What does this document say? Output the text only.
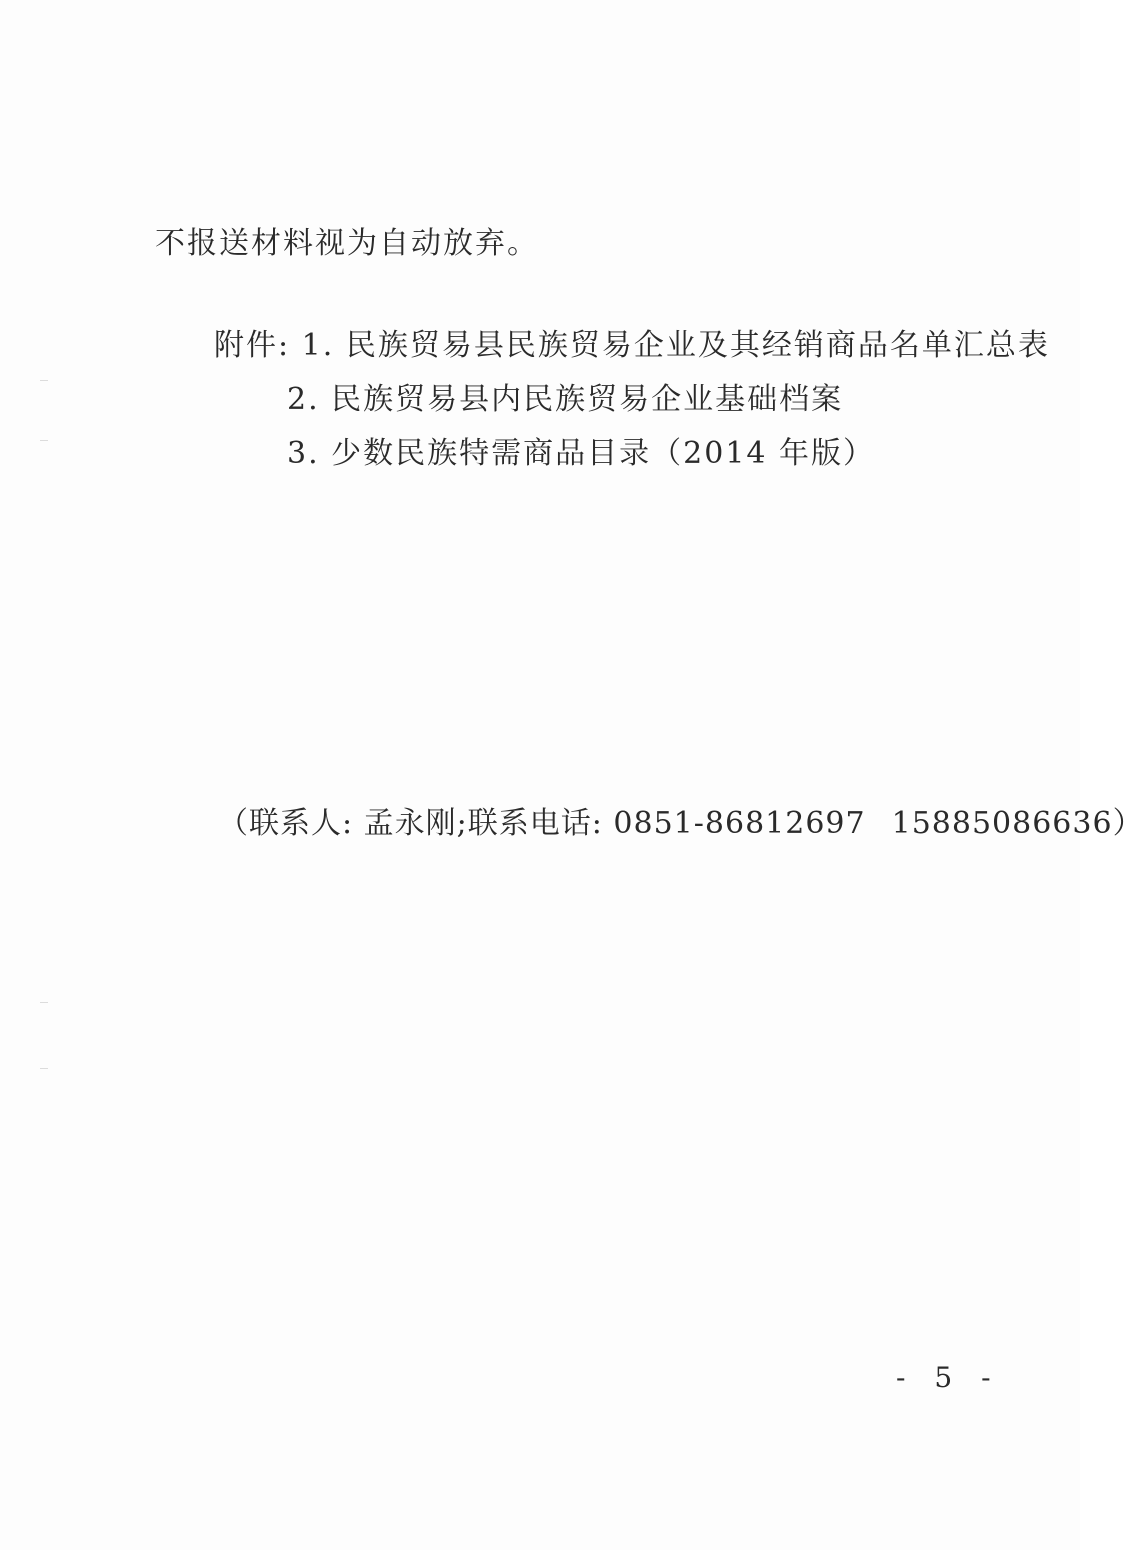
不报送材料视为自动放弃。
附件: 1. 民族贸易县民族贸易企业及其经销商品名单汇总表
2. 民族贸易县内民族贸易企业基础档案
3. 少数民族特需商品目录（2014 年版）
（联系人: 孟永刚;联系电话: 0851-86812697 15885086636）
- 5 -
